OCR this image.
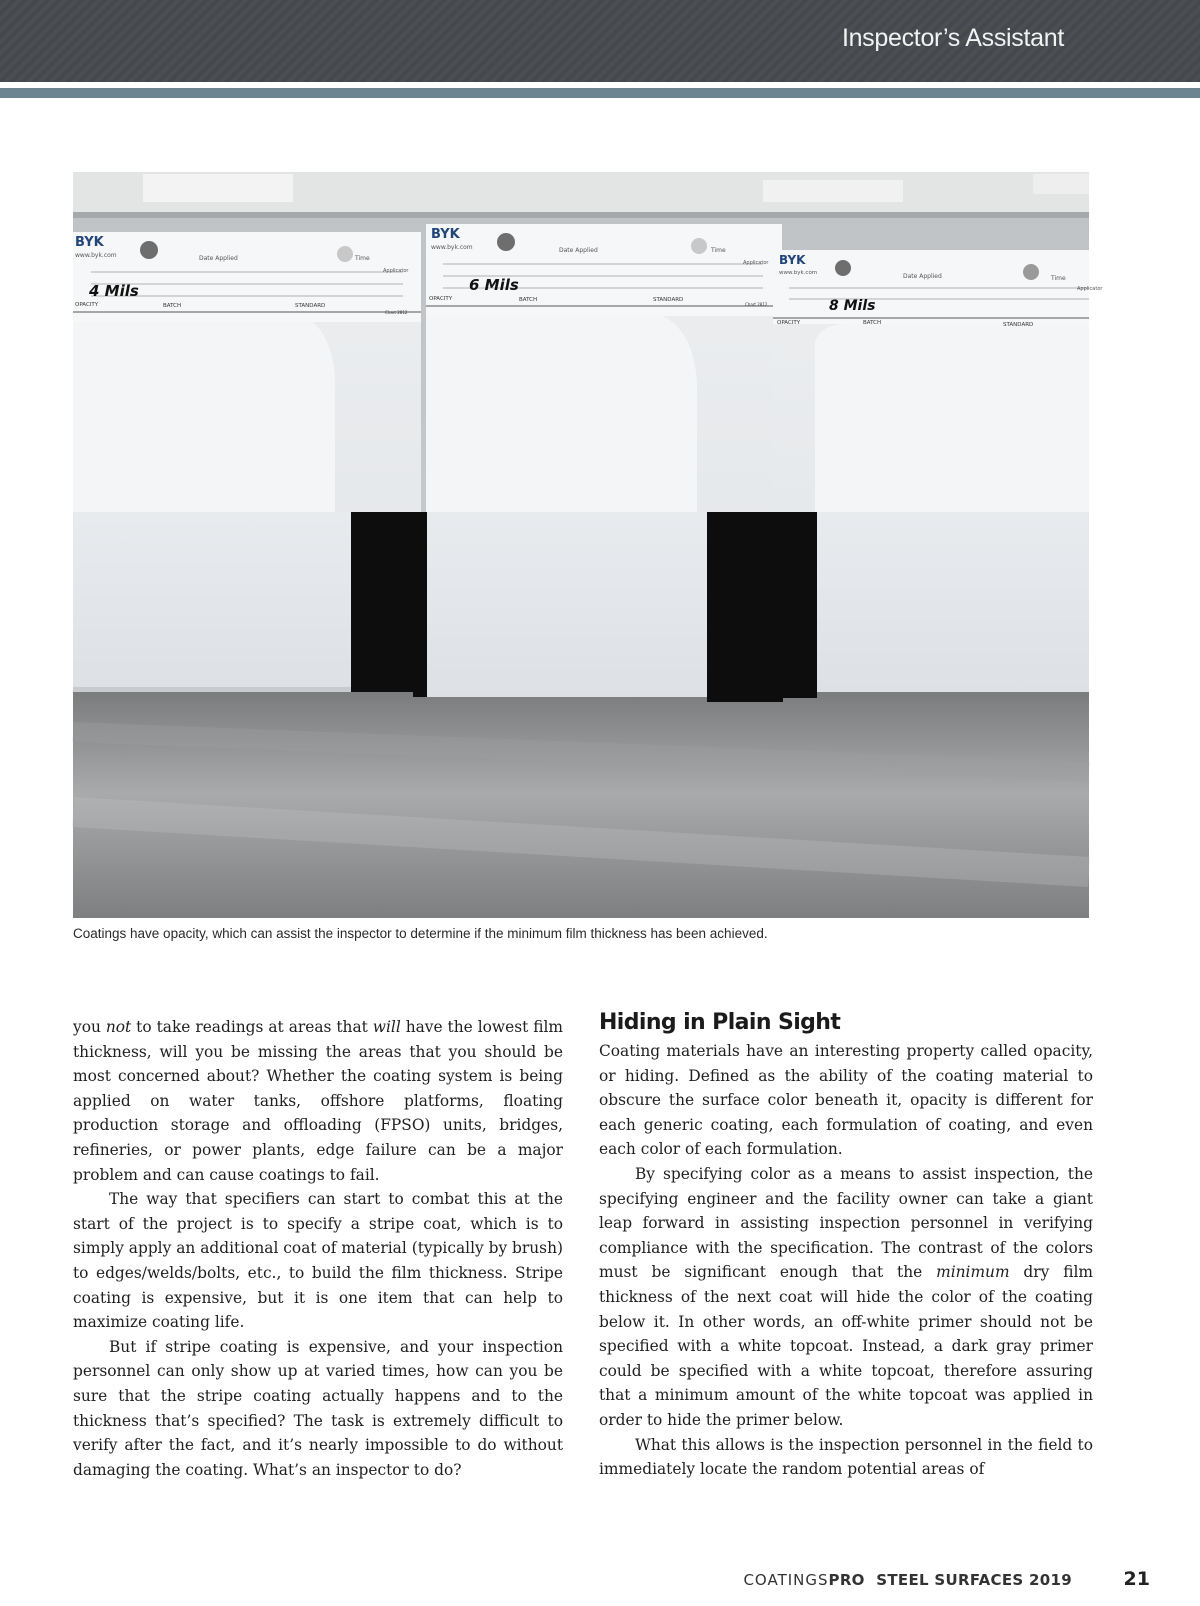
Inspector’s Assistant
BYK
www.byk.com	Date Applied	Time
Applicator
4 Mils
OPACITY	BATCH	STANDARD
Chart 2812
BYK
www.byk.com	Date Applied	Time
Applicator
6 Mils
OPACITY	BATCH	STANDARD
Chart 2812
BYK
www.byk.com	Date Applied	Time
Applicator
8 Mils
OPACITY	BATCH	STANDARD
Coatings have opacity, which can assist the inspector to determine if the minimum film thickness has been achieved.

you not to take readings at areas that will have the lowest film thickness, will you be missing the areas that you should be most concerned about? Whether the coating system is being applied on water tanks, offshore platforms, floating production storage and offloading (FPSO) units, bridges, refineries, or power plants, edge failure can be a major problem and can cause coatings to fail.

The way that specifiers can start to combat this at the start of the project is to specify a stripe coat, which is to simply apply an additional coat of material (typically by brush) to edges/welds/bolts, etc., to build the film thickness. Stripe coating is expensive, but it is one item that can help to maximize coating life.

But if stripe coating is expensive, and your inspection personnel can only show up at varied times, how can you be sure that the stripe coating actually happens and to the thickness that’s specified? The task is extremely difficult to verify after the fact, and it’s nearly impossible to do without damaging the coating. What’s an inspector to do?

Hiding in Plain Sight

Coating materials have an interesting property called opacity, or hiding. Defined as the ability of the coating material to obscure the surface color beneath it, opacity is different for each generic coating, each formulation of coating, and even each color of each formulation.

By specifying color as a means to assist inspection, the specifying engineer and the facility owner can take a giant leap forward in assisting inspection personnel in verifying compliance with the specification. The contrast of the colors must be significant enough that the minimum dry film thickness of the next coat will hide the color of the coating below it. In other words, an off-white primer should not be specified with a white topcoat. Instead, a dark gray primer could be specified with a white topcoat, therefore assuring that a minimum amount of the white topcoat was applied in order to hide the primer below.

What this allows is the inspection personnel in the field to immediately locate the random potential areas of

COATINGSPRO STEEL SURFACES 2019	21
